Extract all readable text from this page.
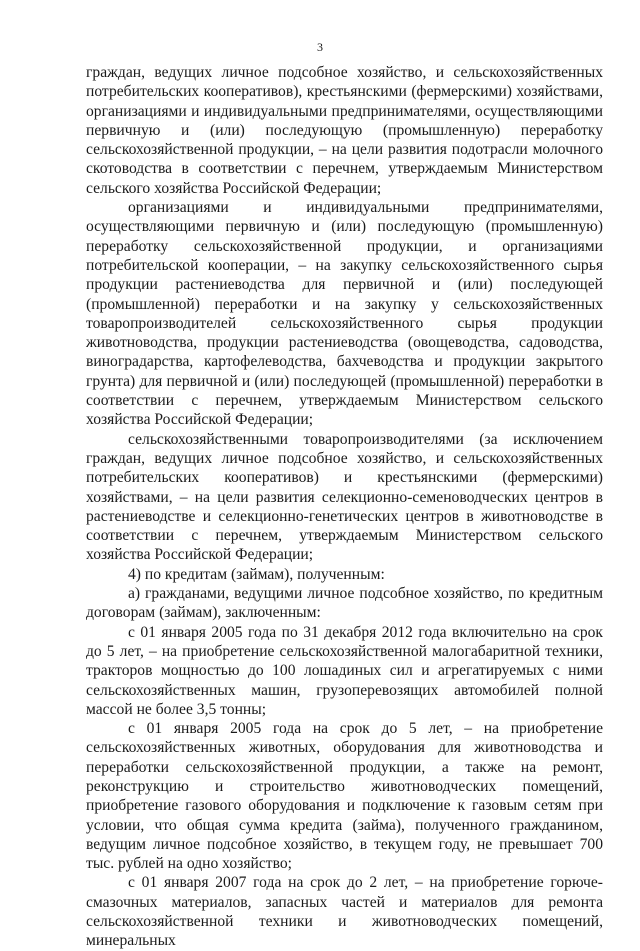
3

граждан, ведущих личное подсобное хозяйство, и сельскохозяйственных потребительских кооперативов), крестьянскими (фермерскими) хозяйствами, организациями и индивидуальными предпринимателями, осуществляющими первичную и (или) последующую (промышленную) переработку сельскохозяйственной продукции, – на цели развития подотрасли молочного скотоводства в соответствии с перечнем, утверждаемым Министерством сельского хозяйства Российской Федерации;

организациями и индивидуальными предпринимателями, осуществляющими первичную и (или) последующую (промышленную) переработку сельскохозяйственной продукции, и организациями потребительской кооперации, – на закупку сельскохозяйственного сырья продукции растениеводства для первичной и (или) последующей (промышленной) переработки и на закупку у сельскохозяйственных товаропроизводителей сельскохозяйственного сырья продукции животноводства, продукции растениеводства (овощеводства, садоводства, виноградарства, картофелеводства, бахчеводства и продукции закрытого грунта) для первичной и (или) последующей (промышленной) переработки в соответствии с перечнем, утверждаемым Министерством сельского хозяйства Российской Федерации;

сельскохозяйственными товаропроизводителями (за исключением граждан, ведущих личное подсобное хозяйство, и сельскохозяйственных потребительских кооперативов) и крестьянскими (фермерскими) хозяйствами, – на цели развития селекционно-семеноводческих центров в растениеводстве и селекционно-генетических центров в животноводстве в соответствии с перечнем, утверждаемым Министерством сельского хозяйства Российской Федерации;

4) по кредитам (займам), полученным:

а) гражданами, ведущими личное подсобное хозяйство, по кредитным договорам (займам), заключенным:

с 01 января 2005 года по 31 декабря 2012 года включительно на срок до 5 лет, – на приобретение сельскохозяйственной малогабаритной техники, тракторов мощностью до 100 лошадиных сил и агрегатируемых с ними сельскохозяйственных машин, грузоперевозящих автомобилей полной массой не более 3,5 тонны;

с 01 января 2005 года на срок до 5 лет, – на приобретение сельскохозяйственных животных, оборудования для животноводства и переработки сельскохозяйственной продукции, а также на ремонт, реконструкцию и строительство животноводческих помещений, приобретение газового оборудования и подключение к газовым сетям при условии, что общая сумма кредита (займа), полученного гражданином, ведущим личное подсобное хозяйство, в текущем году, не превышает 700 тыс. рублей на одно хозяйство;

с 01 января 2007 года на срок до 2 лет, – на приобретение горюче-смазочных материалов, запасных частей и материалов для ремонта сельскохозяйственной техники и животноводческих помещений, минеральных
